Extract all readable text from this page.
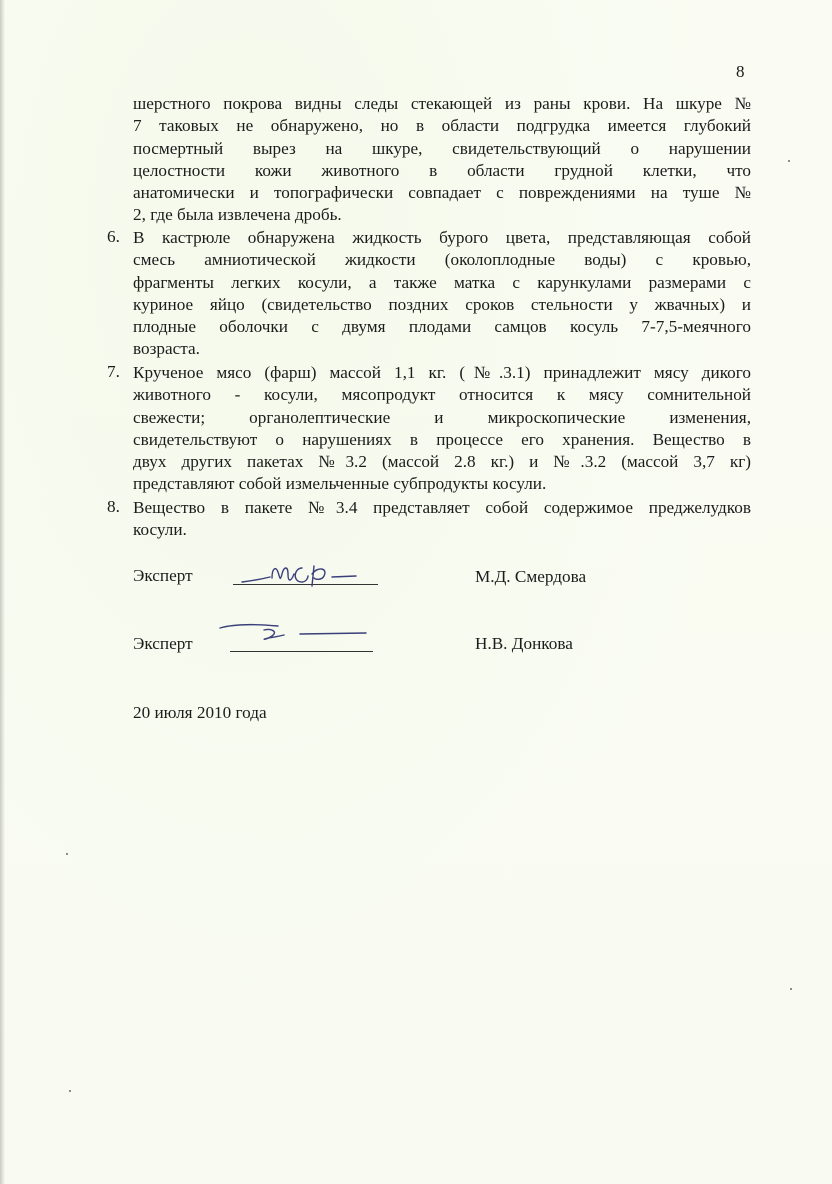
8
шерстного покрова видны следы стекающей из раны крови. На шкуре №
7 таковых не обнаружено, но в области подгрудка имеется глубокий
посмертный вырез на шкуре, свидетельствующий о нарушении
целостности кожи животного в области грудной клетки, что
анатомически и топографически совпадает с повреждениями на туше №
2, где была извлечена дробь.
6. В кастрюле обнаружена жидкость бурого цвета, представляющая собой
смесь амниотической жидкости (околоплодные воды) с кровью,
фрагменты легких косули, а также матка с карункулами размерами с
куриное яйцо (свидетельство поздних сроков стельности у жвачных) и
плодные оболочки с двумя плодами самцов косуль 7-7,5-меячного
возраста.
7. Крученое мясо (фарш) массой 1,1 кг. (№.3.1) принадлежит мясу дикого
животного - косули, мясопродукт относится к мясу сомнительной
свежести; органолептические и микроскопические изменения,
свидетельствуют о нарушениях в процессе его хранения. Вещество в
двух других пакетах №3.2 (массой 2.8 кг.) и №.3.2 (массой 3,7 кг)
представляют собой измельченные субпродукты косули.
8. Вещество в пакете №3.4 представляет собой содержимое преджелудков
косули.
Эксперт	М.Д. Смердова
Эксперт	Н.В. Донкова
20 июля 2010 года
